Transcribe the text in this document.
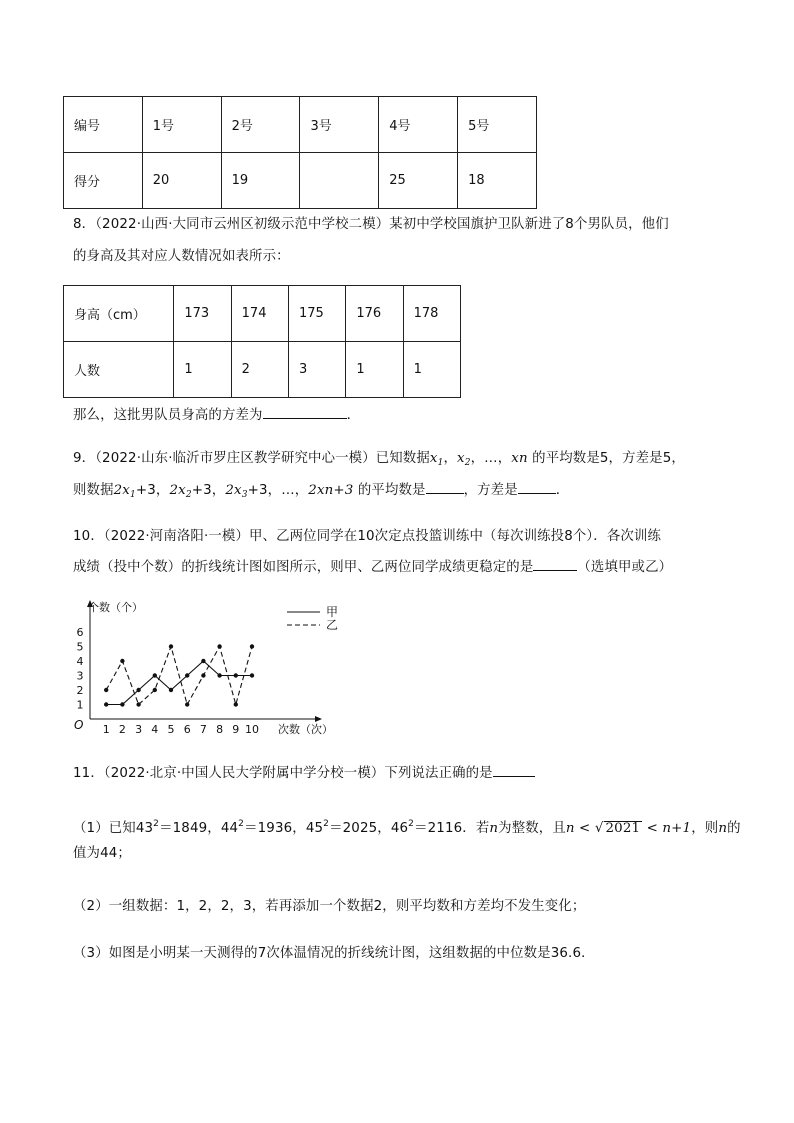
编号	1号	2号	3号	4号	5号
得分	20	19		25	18
8．（2022·山西·大同市云州区初级示范中学校二模）某初中学校国旗护卫队新进了8个男队员，他们
的身高及其对应人数情况如表所示：
身高（cm）	173	174	175	176	178
人数	1	2	3	1	1
那么，这批男队员身高的方差为	．
9．（2022·山东·临沂市罗庄区教学研究中心一模）已知数据$x_1$，$x_2$，…，xn 的平均数是5，方差是5，
则数据$2x_1+3$，$2x_2+3$，$2x_3+3$，…，2xn+3 的平均数是	，方差是	．
10．（2022·河南洛阳·一模）甲、乙两位同学在10次定点投篮训练中（每次训练投8个）．各次训练
成绩（投中个数）的折线统计图如图所示，则甲、乙两位同学成绩更稳定的是	（选填甲或乙）
1 2 3 4 5 6 7 8 9 10
1
2
3
4
5
6
O
个数（个）
次数（次）
甲
乙
11．（2022·北京·中国人民大学附属中学分校一模）下列说法正确的是
（1）已知$43^2=1849$，$44^2=1936$，$45^2=2025$，$46^2=2116$．若n为整数，且n < √ 2021 < n+1，则n的
值为44；
（2）一组数据：1，2，2，3，若再添加一个数据2，则平均数和方差均不发生变化；
（3）如图是小明某一天测得的7次体温情况的折线统计图，这组数据的中位数是36.6．
